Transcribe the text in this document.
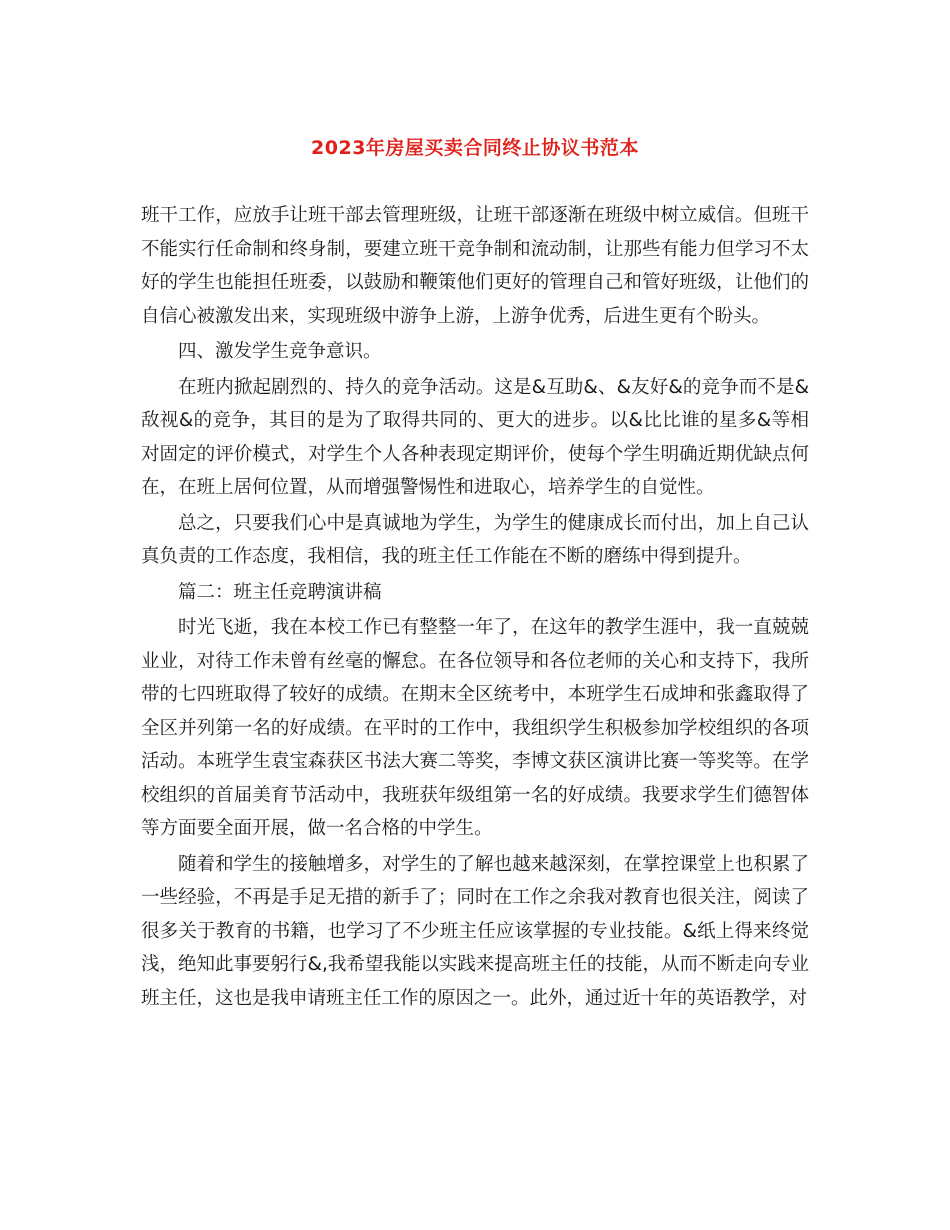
2023年房屋买卖合同终止协议书范本

班干工作，应放手让班干部去管理班级，让班干部逐渐在班级中树立威信。但班干不能实行任命制和终身制，要建立班干竞争制和流动制，让那些有能力但学习不太好的学生也能担任班委，以鼓励和鞭策他们更好的管理自己和管好班级，让他们的自信心被激发出来，实现班级中游争上游，上游争优秀，后进生更有个盼头。

四、激发学生竞争意识。

在班内掀起剧烈的、持久的竞争活动。这是&互助&、&友好&的竞争而不是&敌视&的竞争，其目的是为了取得共同的、更大的进步。以&比比谁的星多&等相对固定的评价模式，对学生个人各种表现定期评价，使每个学生明确近期优缺点何在，在班上居何位置，从而增强警惕性和进取心，培养学生的自觉性。

总之，只要我们心中是真诚地为学生，为学生的健康成长而付出，加上自己认真负责的工作态度，我相信，我的班主任工作能在不断的磨练中得到提升。

篇二：班主任竞聘演讲稿

时光飞逝，我在本校工作已有整整一年了，在这年的教学生涯中，我一直兢兢业业，对待工作未曾有丝毫的懈怠。在各位领导和各位老师的关心和支持下，我所带的七四班取得了较好的成绩。在期末全区统考中，本班学生石成坤和张鑫取得了全区并列第一名的好成绩。在平时的工作中，我组织学生积极参加学校组织的各项活动。本班学生袁宝森获区书法大赛二等奖，李博文获区演讲比赛一等奖等。在学校组织的首届美育节活动中，我班获年级组第一名的好成绩。我要求学生们德智体等方面要全面开展，做一名合格的中学生。

随着和学生的接触增多，对学生的了解也越来越深刻，在掌控课堂上也积累了一些经验，不再是手足无措的新手了；同时在工作之余我对教育也很关注，阅读了很多关于教育的书籍，也学习了不少班主任应该掌握的专业技能。&纸上得来终觉浅，绝知此事要躬行&,我希望我能以实践来提高班主任的技能，从而不断走向专业班主任，这也是我申请班主任工作的原因之一。此外，通过近十年的英语教学，对
